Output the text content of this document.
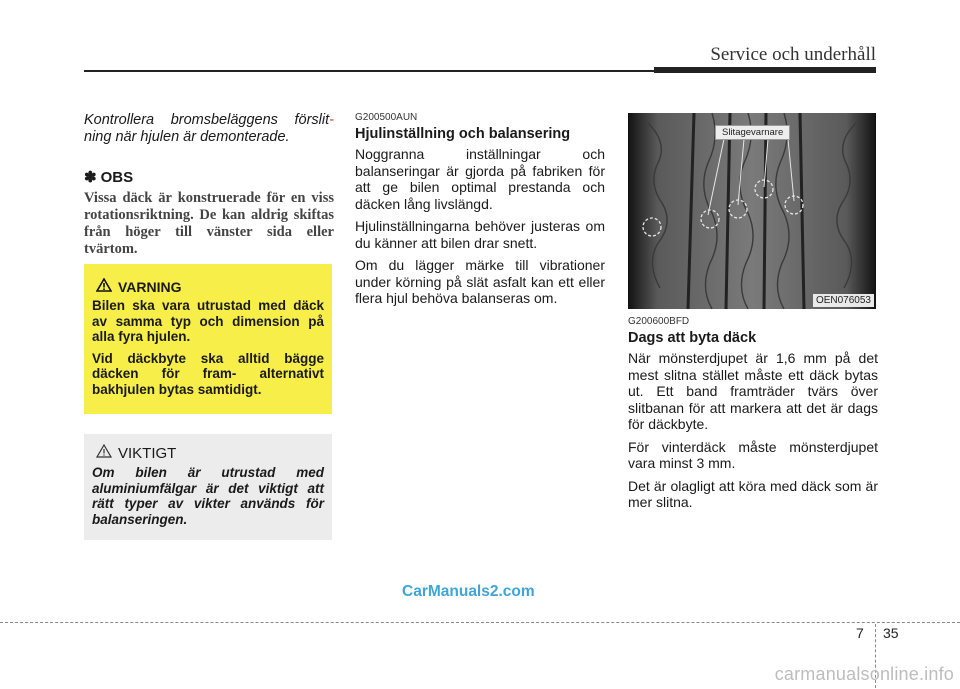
Service och underhåll

Kontrollera bromsbeläggens förslit- ning när hjulen är demonterade.

✽ OBS
Vissa däck är konstruerade för en viss rotationsriktning. De kan aldrig skiftas från höger till vänster sida eller tvärtom.
VARNING

Bilen ska vara utrustad med däck av samma typ och dimension på alla fyra hjulen.

Vid däckbyte ska alltid bägge däcken för fram- alternativt bakhjulen bytas samtidigt.

VIKTIGT

Om bilen är utrustad med aluminiumfälgar är det viktigt att rätt typer av vikter används för balanseringen.

G200500AUN

Hjulinställning och balansering

Noggranna inställningar och balanseringar är gjorda på fabriken för att ge bilen optimal prestanda och däcken lång livslängd.

Hjulinställningarna behöver justeras om du känner att bilen drar snett.

Om du lägger märke till vibrationer under körning på slät asfalt kan ett eller flera hjul behöva balanseras om.

Slitagevarnare
OEN076053

G200600BFD

Dags att byta däck

När mönsterdjupet är 1,6 mm på det mest slitna stället måste ett däck bytas ut. Ett band framträder tvärs över slitbanan för att markera att det är dags för däckbyte.

För vinterdäck måste mönsterdjupet vara minst 3 mm.

Det är olagligt att köra med däck som är mer slitna.

CarManuals2.com
7 35
carmanualsonline.info
